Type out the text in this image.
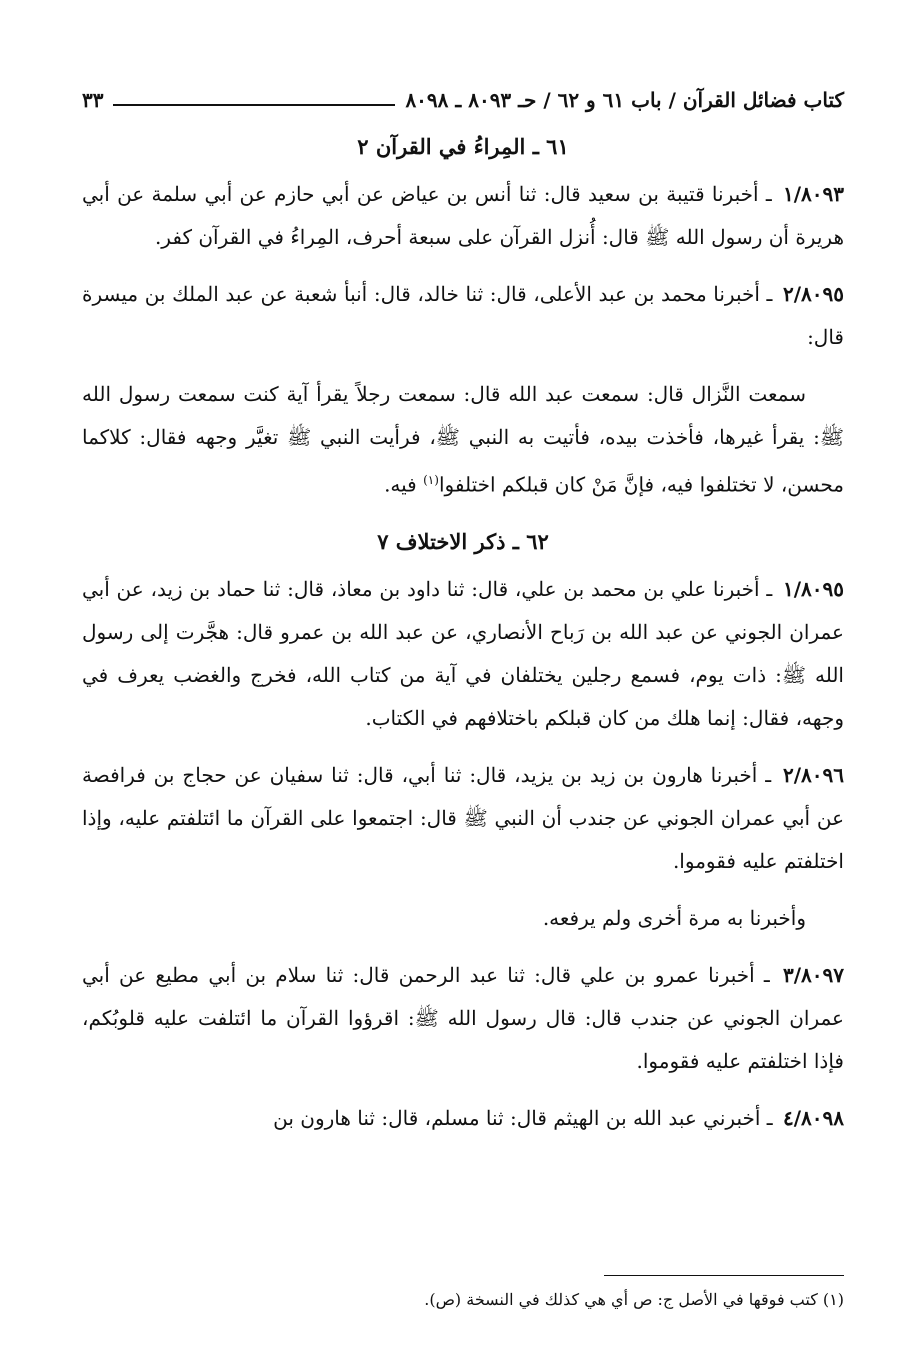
كتاب فضائل القرآن / باب ٦١ و ٦٢ / حـ ٨٠٩٣ ـ ٨٠٩٨
٣٣
٦١ ـ المِراءُ في القرآن ٢

١/٨٠٩٣ ـ أخبرنا قتيبة بن سعيد قال: ثنا أنس بن عياض عن أبي حازم عن أبي سلمة عن أبي هريرة أن رسول الله ﷺ قال: أُنزل القرآن على سبعة أحرف، المِراءُ في القرآن كفر.

٢/٨٠٩٥ ـ أخبرنا محمد بن عبد الأعلى، قال: ثنا خالد، قال: أنبأ شعبة عن عبد الملك بن ميسرة قال:

سمعت النَّزال قال: سمعت عبد الله قال: سمعت رجلاً يقرأ آية كنت سمعت رسول الله ﷺ: يقرأ غيرها، فأخذت بيده، فأتيت به النبي ﷺ، فرأيت النبي ﷺ تغيَّر وجهه فقال: كلاكما محسن، لا تختلفوا فيه، فإنَّ مَنْ كان قبلكم اختلفوا$^{(١)}$ فيه.

٦٢ ـ ذكر الاختلاف ٧

١/٨٠٩٥ ـ أخبرنا علي بن محمد بن علي، قال: ثنا داود بن معاذ، قال: ثنا حماد بن زيد، عن أبي عمران الجوني عن عبد الله بن رَباح الأنصاري، عن عبد الله بن عمرو قال: هجَّرت إلى رسول الله ﷺ: ذات يوم، فسمع رجلين يختلفان في آية من كتاب الله، فخرج والغضب يعرف في وجهه، فقال: إنما هلك من كان قبلكم باختلافهم في الكتاب.

٢/٨٠٩٦ ـ أخبرنا هارون بن زيد بن يزيد، قال: ثنا أبي، قال: ثنا سفيان عن حجاج بن فرافصة عن أبي عمران الجوني عن جندب أن النبي ﷺ قال: اجتمعوا على القرآن ما ائتلفتم عليه، وإذا اختلفتم عليه فقوموا.

وأخبرنا به مرة أخرى ولم يرفعه.

٣/٨٠٩٧ ـ أخبرنا عمرو بن علي قال: ثنا عبد الرحمن قال: ثنا سلام بن أبي مطيع عن أبي عمران الجوني عن جندب قال: قال رسول الله ﷺ: اقرؤوا القرآن ما ائتلفت عليه قلوبُكم، فإذا اختلفتم عليه فقوموا.

٤/٨٠٩٨ ـ أخبرني عبد الله بن الهيثم قال: ثنا مسلم، قال: ثنا هارون بن

(١) كتب فوقها في الأصل ج: ص أي هي كذلك في النسخة (ص).
